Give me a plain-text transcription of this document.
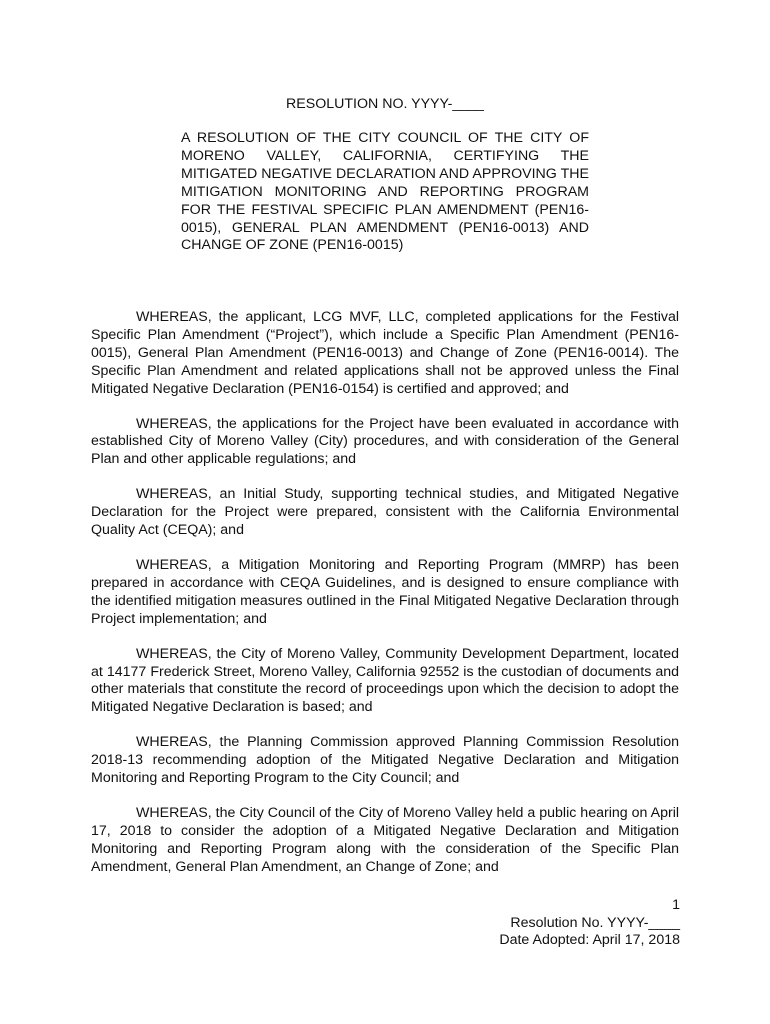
RESOLUTION NO. YYYY-____
A RESOLUTION OF THE CITY COUNCIL OF THE CITY OF MORENO VALLEY, CALIFORNIA, CERTIFYING THE MITIGATED NEGATIVE DECLARATION AND APPROVING THE MITIGATION MONITORING AND REPORTING PROGRAM FOR THE FESTIVAL SPECIFIC PLAN AMENDMENT (PEN16-0015), GENERAL PLAN AMENDMENT (PEN16-0013) AND CHANGE OF ZONE (PEN16-0015)

WHEREAS, the applicant, LCG MVF, LLC, completed applications for the Festival Specific Plan Amendment (“Project”), which include a Specific Plan Amendment (PEN16-0015), General Plan Amendment (PEN16-0013) and Change of Zone (PEN16-0014). The Specific Plan Amendment and related applications shall not be approved unless the Final Mitigated Negative Declaration (PEN16-0154) is certified and approved; and

WHEREAS, the applications for the Project have been evaluated in accordance with established City of Moreno Valley (City) procedures, and with consideration of the General Plan and other applicable regulations; and

WHEREAS, an Initial Study, supporting technical studies, and Mitigated Negative Declaration for the Project were prepared, consistent with the California Environmental Quality Act (CEQA); and

WHEREAS, a Mitigation Monitoring and Reporting Program (MMRP) has been prepared in accordance with CEQA Guidelines, and is designed to ensure compliance with the identified mitigation measures outlined in the Final Mitigated Negative Declaration through Project implementation; and

WHEREAS, the City of Moreno Valley, Community Development Department, located at 14177 Frederick Street, Moreno Valley, California 92552 is the custodian of documents and other materials that constitute the record of proceedings upon which the decision to adopt the Mitigated Negative Declaration is based; and

WHEREAS, the Planning Commission approved Planning Commission Resolution 2018-13 recommending adoption of the Mitigated Negative Declaration and Mitigation Monitoring and Reporting Program to the City Council; and

WHEREAS, the City Council of the City of Moreno Valley held a public hearing on April 17, 2018 to consider the adoption of a Mitigated Negative Declaration and Mitigation Monitoring and Reporting Program along with the consideration of the Specific Plan Amendment, General Plan Amendment, an Change of Zone; and

1
Resolution No. YYYY-____
Date Adopted: April 17, 2018
